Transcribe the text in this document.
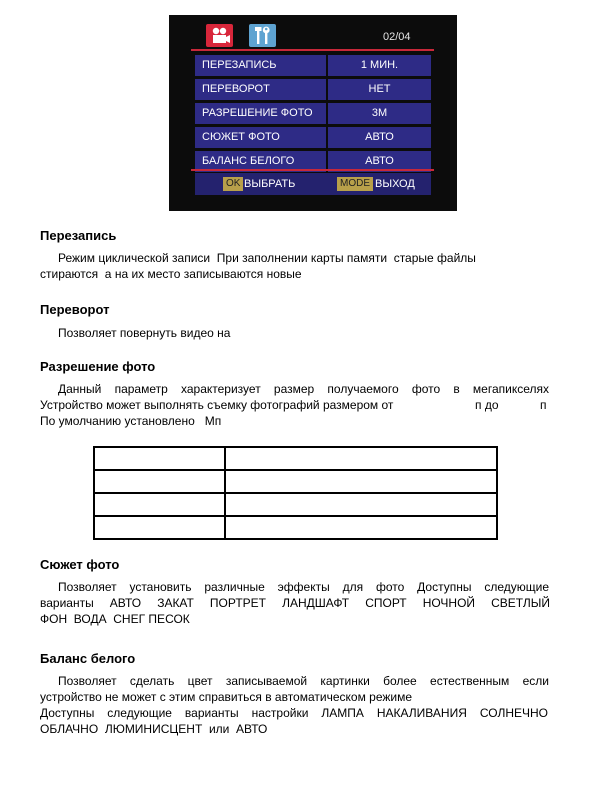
02/04
ПЕРЕЗАПИСЬ	1 МИН.
ПЕРЕВОРОТ	НЕТ
РАЗРЕШЕНИЕ ФОТО	3M
СЮЖЕТ ФОТО	АВТО
БАЛАНС БЕЛОГО	АВТО
OK ВЫБРАТЬ	MODE ВЫХОД
Перезапись
Режим циклической записи  При заполнении карты памяти  старые файлы
стираются  а на их место записываются новые
Переворот
Позволяет повернуть видео на
Разрешение фото
Данный параметр характеризует размер получаемого фото в мегапикселях
Устройство может выполнять съемку фотографий размером от	п до	п
По умолчанию установлено   Мп
Сюжет фото
Позволяет установить различные эффекты для фото Доступны следующие
варианты АВТО ЗАКАТ ПОРТРЕТ ЛАНДШАФТ СПОРТ НОЧНОЙ СВЕТЛЫЙ
ФОН  ВОДА  СНЕГ ПЕСОК
Баланс белого
Позволяет сделать цвет записываемой картинки более естественным если
устройство не может с этим справиться в автоматическом режиме
Доступны следующие варианты настройки ЛАМПА НАКАЛИВАНИЯ СОЛНЕЧНО
ОБЛАЧНО  ЛЮМИНИСЦЕНТ  или  АВТО
